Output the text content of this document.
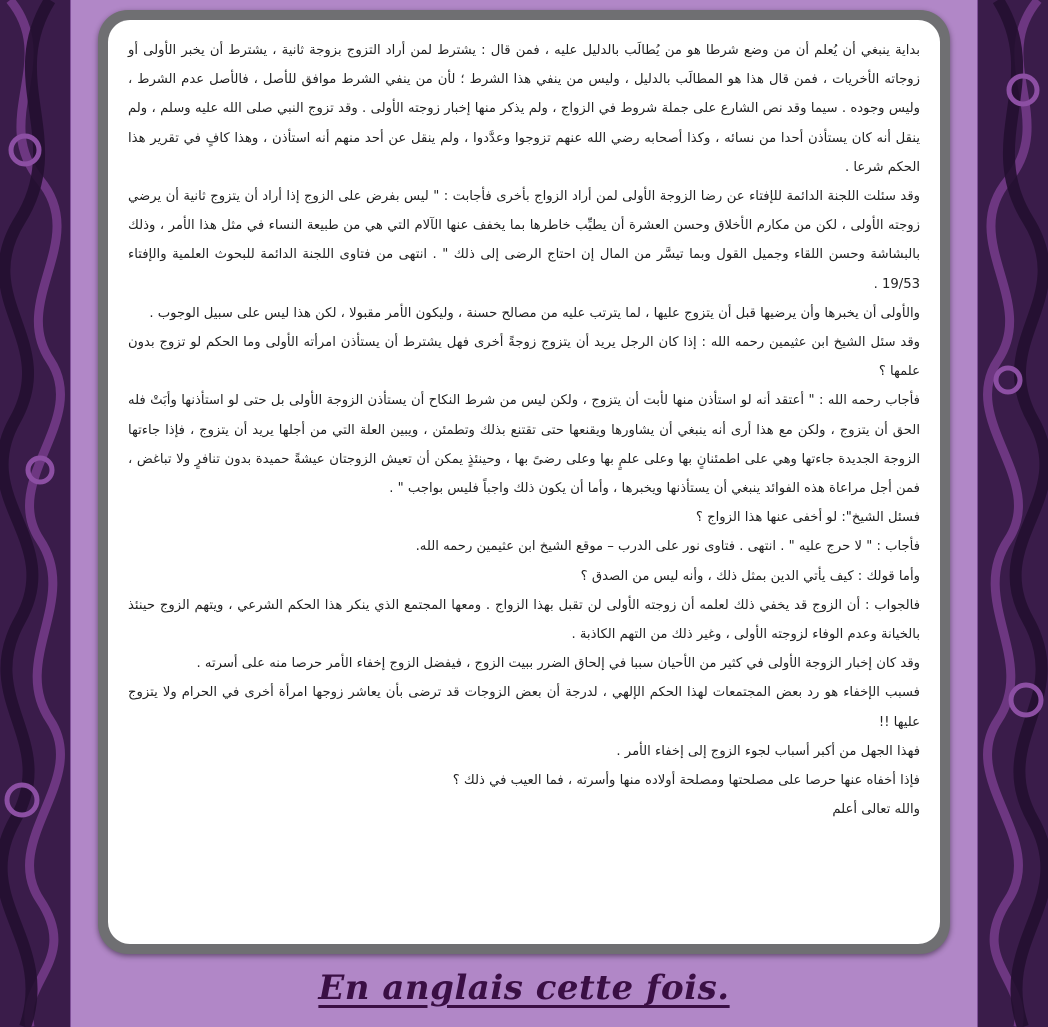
بداية ينبغي أن يُعلم أن من وضع شرطا هو من يُطالَب بالدليل عليه ، فمن قال : يشترط لمن أراد التزوج بزوجة ثانية ، يشترط أن يخبر الأولى أو زوجاته الأخريات ، فمن قال هذا هو المطالَب بالدليل ، وليس من ينفي هذا الشرط ؛ لأن من ينفي الشرط موافق للأصل ، فالأصل عدم الشرط ، وليس وجوده . سيما وقد نص الشارع على جملة شروط في الزواج ، ولم يذكر منها إخبار زوجته الأولى . وقد تزوج النبي صلى الله عليه وسلم ، ولم ينقل أنه كان يستأذن أحدا من نسائه ، وكذا أصحابه رضي الله عنهم تزوجوا وعدَّدوا ، ولم ينقل عن أحد منهم أنه استأذن ، وهذا كافٍ في تقرير هذا الحكم شرعا .

وقد سئلت اللجنة الدائمة للإفتاء عن رضا الزوجة الأولى لمن أراد الزواج بأخرى فأجابت : " ليس بفرض على الزوج إذا أراد أن يتزوج ثانية أن يرضي زوجته الأولى ، لكن من مكارم الأخلاق وحسن العشرة أن يطيِّب خاطرها بما يخفف عنها الآلام التي هي من طبيعة النساء في مثل هذا الأمر ، وذلك بالبشاشة وحسن اللقاء وجميل القول وبما تيسَّر من المال إن احتاج الرضى إلى ذلك " . انتهى من فتاوى اللجنة الدائمة للبحوث العلمية والإفتاء 19/53 .

والأولى أن يخبرها وأن يرضيها قبل أن يتزوج عليها ، لما يترتب عليه من مصالح حسنة ، وليكون الأمر مقبولا ، لكن هذا ليس على سبيل الوجوب .

وقد سئل الشيخ ابن عثيمين رحمه الله : إذا كان الرجل يريد أن يتزوج زوجةً أخرى فهل يشترط أن يستأذن امرأته الأولى وما الحكم لو تزوج بدون علمها ؟

فأجاب رحمه الله : " أعتقد أنه لو استأذن منها لأبت أن يتزوج ، ولكن ليس من شرط النكاح أن يستأذن الزوجة الأولى بل حتى لو استأذنها وأبَتْ فله الحق أن يتزوج ، ولكن مع هذا أرى أنه ينبغي أن يشاورها ويقنعها حتى تقتنع بذلك وتطمئن ، ويبين العلة التي من أجلها يريد أن يتزوج ، فإذا جاءتها الزوجة الجديدة جاءتها وهي على اطمئنانٍ بها وعلى علمٍ بها وعلى رضىً بها ، وحينئذٍ يمكن أن تعيش الزوجتان عيشةً حميدة بدون تنافرٍ ولا تباغض ، فمن أجل مراعاة هذه الفوائد ينبغي أن يستأذنها ويخبرها ، وأما أن يكون ذلك واجباً فليس بواجب " .

فسئل الشيخ": لو أخفى عنها هذا الزواج ؟

فأجاب : " لا حرج عليه " . انتهى . فتاوى نور على الدرب – موقع الشيخ ابن عثيمين رحمه الله.

وأما قولك : كيف يأتي الدين بمثل ذلك ، وأنه ليس من الصدق ؟

فالجواب : أن الزوج قد يخفي ذلك لعلمه أن زوجته الأولى لن تقبل بهذا الزواج . ومعها المجتمع الذي ينكر هذا الحكم الشرعي ، ويتهم الزوج حينئذ بالخيانة وعدم الوفاء لزوجته الأولى ، وغير ذلك من التهم الكاذبة .

وقد كان إخبار الزوجة الأولى في كثير من الأحيان سببا في إلحاق الضرر ببيت الزوج ، فيفضل الزوج إخفاء الأمر حرصا منه على أسرته .

فسبب الإخفاء هو رد بعض المجتمعات لهذا الحكم الإلهي ، لدرجة أن بعض الزوجات قد ترضى بأن يعاشر زوجها امرأة أخرى في الحرام ولا يتزوج عليها !!

فهذا الجهل من أكبر أسباب لجوء الزوج إلى إخفاء الأمر .

فإذا أخفاه عنها حرصا على مصلحتها ومصلحة أولاده منها وأسرته ، فما العيب في ذلك ؟

والله تعالى أعلم

En anglais cette fois.
